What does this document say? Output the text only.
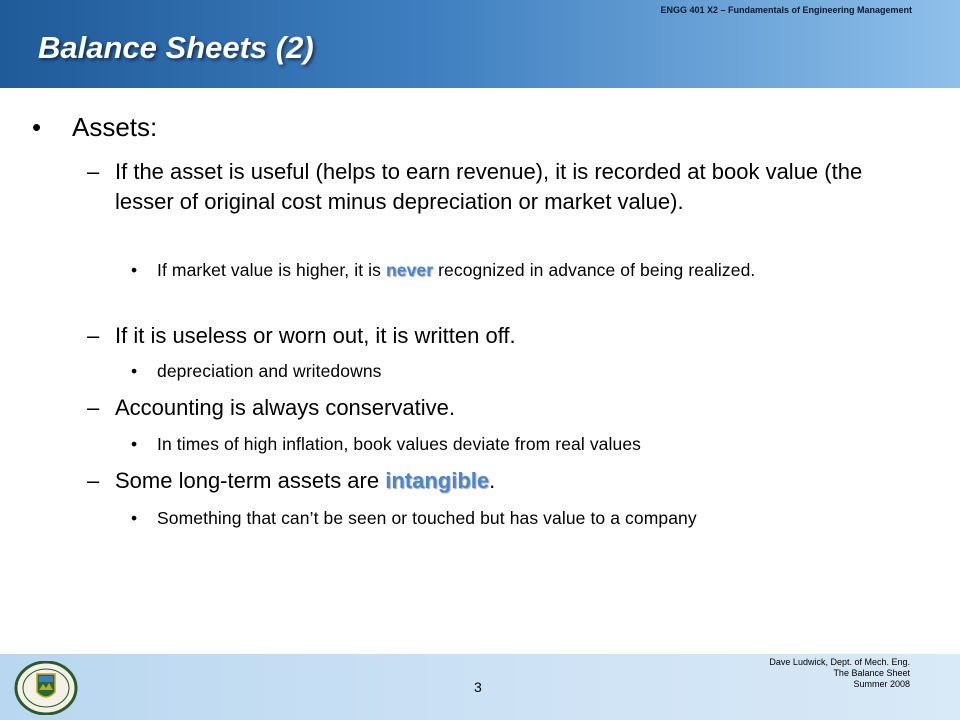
ENGG 401 X2 – Fundamentals of Engineering Management
Balance Sheets (2)
• Assets:
– If the asset is useful (helps to earn revenue), it is recorded at book value (the lesser of original cost minus depreciation or market value).
• If market value is higher, it is never recognized in advance of being realized.
– If it is useless or worn out, it is written off.
• depreciation and writedowns
– Accounting is always conservative.
• In times of high inflation, book values deviate from real values
– Some long-term assets are intangible.
• Something that can’t be seen or touched but has value to a company
3
Dave Ludwick, Dept. of Mech. Eng.
The Balance Sheet
Summer 2008
